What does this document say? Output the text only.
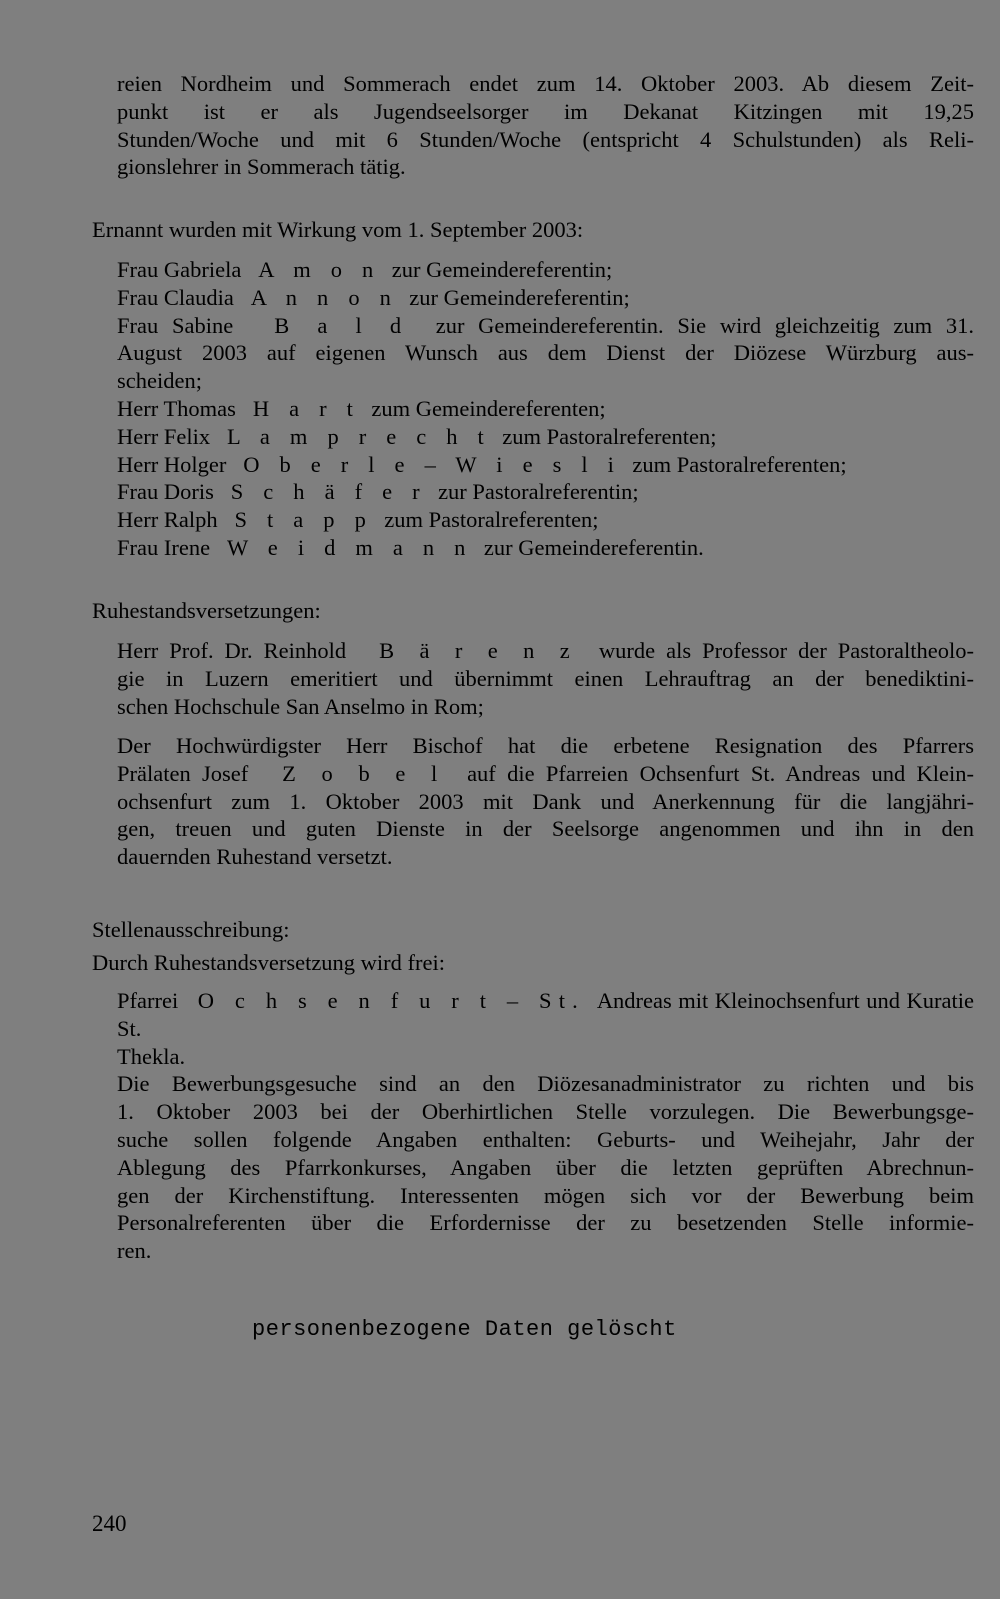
reien Nordheim und Sommerach endet zum 14. Oktober 2003. Ab diesem Zeit-
punkt ist er als Jugendseelsorger im Dekanat Kitzingen mit 19,25
Stunden/Woche und mit 6 Stunden/Woche (entspricht 4 Schulstunden) als Reli-
gionslehrer in Sommerach tätig.
Ernannt wurden mit Wirkung vom 1. September 2003:
Frau Gabriela A m o n zur Gemeindereferentin;
Frau Claudia A n n o n zur Gemeindereferentin;
Frau Sabine B a l d zur Gemeindereferentin. Sie wird gleichzeitig zum 31.
August 2003 auf eigenen Wunsch aus dem Dienst der Diözese Würzburg aus-
scheiden;
Herr Thomas H a r t zum Gemeindereferenten;
Herr Felix L a m p r e c h t zum Pastoralreferenten;
Herr Holger O b e r l e – W i e s l i zum Pastoralreferenten;
Frau Doris S c h ä f e r zur Pastoralreferentin;
Herr Ralph S t a p p zum Pastoralreferenten;
Frau Irene W e i d m a n n zur Gemeindereferentin.
Ruhestandsversetzungen:
Herr Prof. Dr. Reinhold B ä r e n z wurde als Professor der Pastoraltheolo-
gie in Luzern emeritiert und übernimmt einen Lehrauftrag an der benediktini-
schen Hochschule San Anselmo in Rom;
Der Hochwürdigster Herr Bischof hat die erbetene Resignation des Pfarrers
Prälaten Josef Z o b e l auf die Pfarreien Ochsenfurt St. Andreas und Klein-
ochsenfurt zum 1. Oktober 2003 mit Dank und Anerkennung für die langjähri-
gen, treuen und guten Dienste in der Seelsorge angenommen und ihn in den
dauernden Ruhestand versetzt.
Stellenausschreibung:
Durch Ruhestandsversetzung wird frei:
Pfarrei O c h s e n f u r t – St. Andreas mit Kleinochsenfurt und Kuratie St.
Thekla.
Die Bewerbungsgesuche sind an den Diözesanadministrator zu richten und bis
1. Oktober 2003 bei der Oberhirtlichen Stelle vorzulegen. Die Bewerbungsge-
suche sollen folgende Angaben enthalten: Geburts- und Weihejahr, Jahr der
Ablegung des Pfarrkonkurses, Angaben über die letzten geprüften Abrechnun-
gen der Kirchenstiftung. Interessenten mögen sich vor der Bewerbung beim
Personalreferenten über die Erfordernisse der zu besetzenden Stelle informie-
ren.
personenbezogene Daten gelöscht
240
